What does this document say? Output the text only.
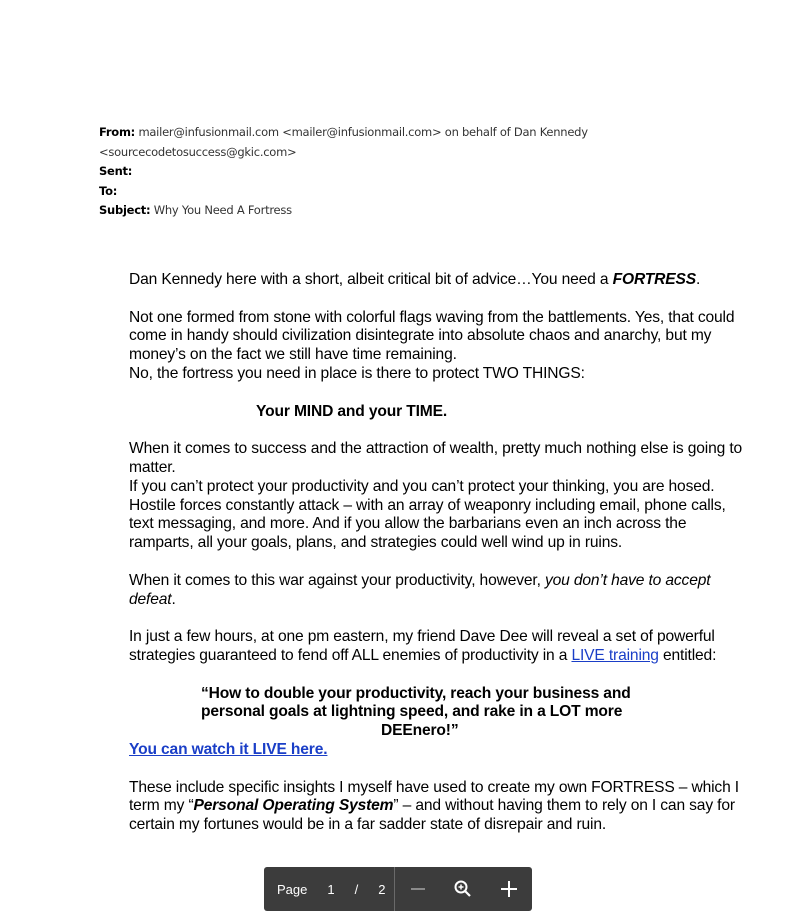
From: mailer@infusionmail.com <mailer@infusionmail.com> on behalf of Dan Kennedy <sourcecodetosuccess@gkic.com>
Sent:
To:
Subject: Why You Need A Fortress

Dan Kennedy here with a short, albeit critical bit of advice…You need a FORTRESS.

Not one formed from stone with colorful flags waving from the battlements. Yes, that could come in handy should civilization disintegrate into absolute chaos and anarchy, but my money’s on the fact we still have time remaining.

No, the fortress you need in place is there to protect TWO THINGS:

Your MIND and your TIME.

When it comes to success and the attraction of wealth, pretty much nothing else is going to matter.

If you can’t protect your productivity and you can’t protect your thinking, you are hosed. Hostile forces constantly attack – with an array of weaponry including email, phone calls, text messaging, and more. And if you allow the barbarians even an inch across the ramparts, all your goals, plans, and strategies could well wind up in ruins.

When it comes to this war against your productivity, however, you don’t have to accept defeat.

In just a few hours, at one pm eastern, my friend Dave Dee will reveal a set of powerful strategies guaranteed to fend off ALL enemies of productivity in a LIVE training entitled:

“How to double your productivity, reach your business and personal goals at lightning speed, and rake in a LOT more

DEEnero!”

You can watch it LIVE here.

These include specific insights I myself have used to create my own FORTRESS – which I term my “Personal Operating System” – and without having them to rely on I can say for certain my fortunes would be in a far sadder state of disrepair and ruin.

Page 1 / 2
